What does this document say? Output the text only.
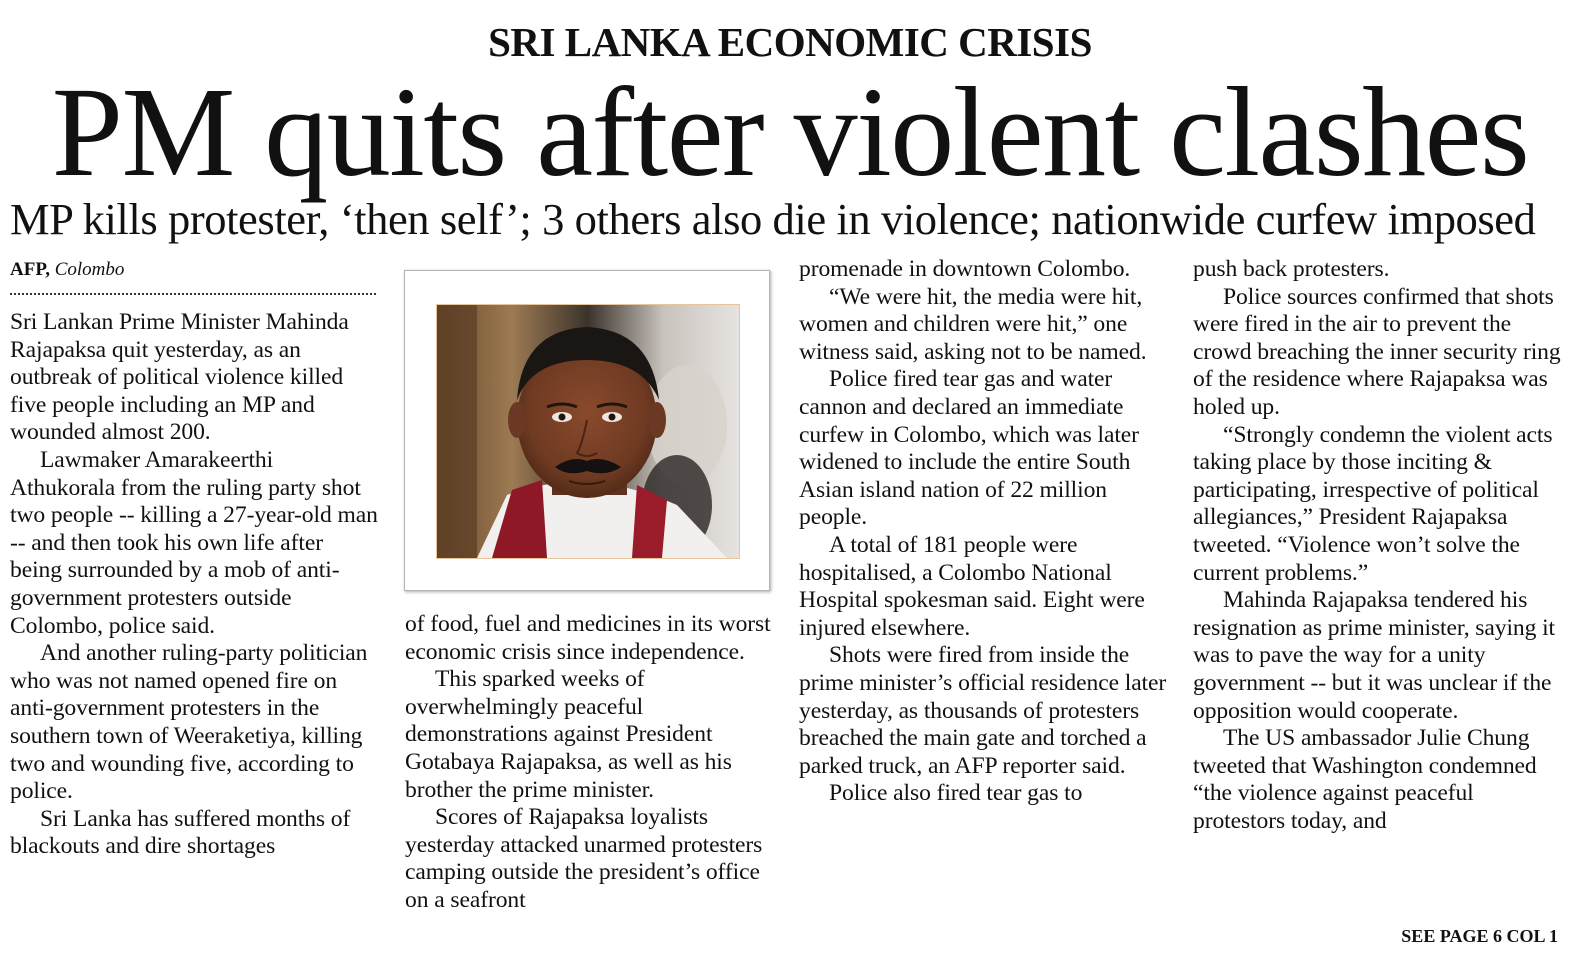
SRI LANKA ECONOMIC CRISIS
PM quits after violent clashes
MP kills protester, ‘then self’; 3 others also die in violence; nationwide curfew imposed
AFP, Colombo

Sri Lankan Prime Minister Mahinda Rajapaksa quit yesterday, as an outbreak of political violence killed five people including an MP and wounded almost 200.

Lawmaker Amarakeerthi Athukorala from the ruling party shot two people -- killing a 27-year-old man -- and then took his own life after being surrounded by a mob of anti-government protesters outside Colombo, police said.

And another ruling-party politician who was not named opened fire on anti-government protesters in the southern town of Weeraketiya, killing two and wounding five, according to police.

Sri Lanka has suffered months of blackouts and dire shortages

of food, fuel and medicines in its worst economic crisis since independence.

This sparked weeks of overwhelmingly peaceful demonstrations against President Gotabaya Rajapaksa, as well as his brother the prime minister.

Scores of Rajapaksa loyalists yesterday attacked unarmed protesters camping outside the president’s office on a seafront

promenade in downtown Colombo.

“We were hit, the media were hit, women and children were hit,” one witness said, asking not to be named.

Police fired tear gas and water cannon and declared an immediate curfew in Colombo, which was later widened to include the entire South Asian island nation of 22 million people.

A total of 181 people were hospitalised, a Colombo National Hospital spokesman said. Eight were injured elsewhere.

Shots were fired from inside the prime minister’s official residence later yesterday, as thousands of protesters breached the main gate and torched a parked truck, an AFP reporter said.

Police also fired tear gas to

push back protesters.

Police sources confirmed that shots were fired in the air to prevent the crowd breaching the inner security ring of the residence where Rajapaksa was holed up.

“Strongly condemn the violent acts taking place by those inciting & participating, irrespective of political allegiances,” President Rajapaksa tweeted. “Violence won’t solve the current problems.”

Mahinda Rajapaksa tendered his resignation as prime minister, saying it was to pave the way for a unity government -- but it was unclear if the opposition would cooperate.

The US ambassador Julie Chung tweeted that Washington condemned “the violence against peaceful protestors today, and

SEE PAGE 6 COL 1
